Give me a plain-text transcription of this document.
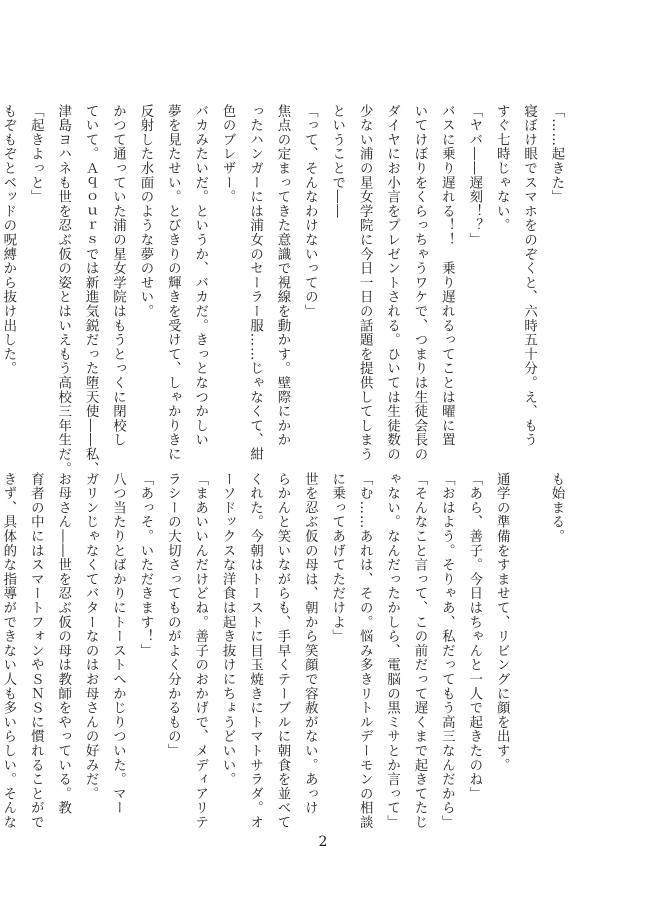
「……起きた」
寝ぼけ眼でスマホをのぞくと、六時五十分。え、もう
すぐ七時じゃない。
「ヤバ――遅刻！？」
バスに乗り遅れる！！　乗り遅れるってことは曜に置
いてけぼりをくらっちゃうワケで、つまりは生徒会長の
ダイヤにお小言をプレゼントされる。ひいては生徒数の
少ない浦の星女学院に今日一日の話題を提供してしまう
ということで――
「って、そんなわけないっての」
焦点の定まってきた意識で視線を動かす。壁際にかか
ったハンガーには浦女のセーラー服……じゃなくて、紺
色のブレザー。
バカみたいだ。というか、バカだ。きっとなつかしい
夢を見たせい。とびきりの輝きを受けて、しゃかりきに
反射した水面のような夢のせい。
かつて通っていた浦の星女学院はもうとっくに閉校し
ていて。Ａｑｏｕｒｓでは新進気鋭だった堕天使――私、
津島ヨハネも世を忍ぶ仮の姿とはいえもう高校三年生だ。
「起きよっと」
もぞもぞとベッドの呪縛から抜け出した。
も始まる。

通学の準備をすませて、リビングに顔を出す。
「あら、善子。今日はちゃんと一人で起きたのね」
「おはよう。そりゃあ、私だってもう高三なんだから」
「そんなこと言って、この前だって遅くまで起きてたじ
ゃない。なんだったかしら、電脳の黒ミサとか言って」
「む……あれは、その。悩み多きリトルデーモンの相談
に乗ってあげてただけよ」
世を忍ぶ仮の母は、朝から笑顔で容赦がない。あっけ
らかんと笑いながらも、手早くテーブルに朝食を並べて
くれた。今朝はトーストに目玉焼きにトマトサラダ。オ
ーソドックスな洋食は起き抜けにちょうどいい。
「まあいいんだけどね。善子のおかげで、メディアリテ
ラシーの大切さってものがよく分かるもの」
「あっそ。いただきます！」
八つ当たりとばかりにトーストへかじりついた。マー
ガリンじゃなくてバターなのはお母さんの好みだ。
お母さん――世を忍ぶ仮の母は教師をやっている。教
育者の中にはスマートフォンやＳＮＳに慣れることがで
きず、具体的な指導ができない人も多いらしい。そんな
2
